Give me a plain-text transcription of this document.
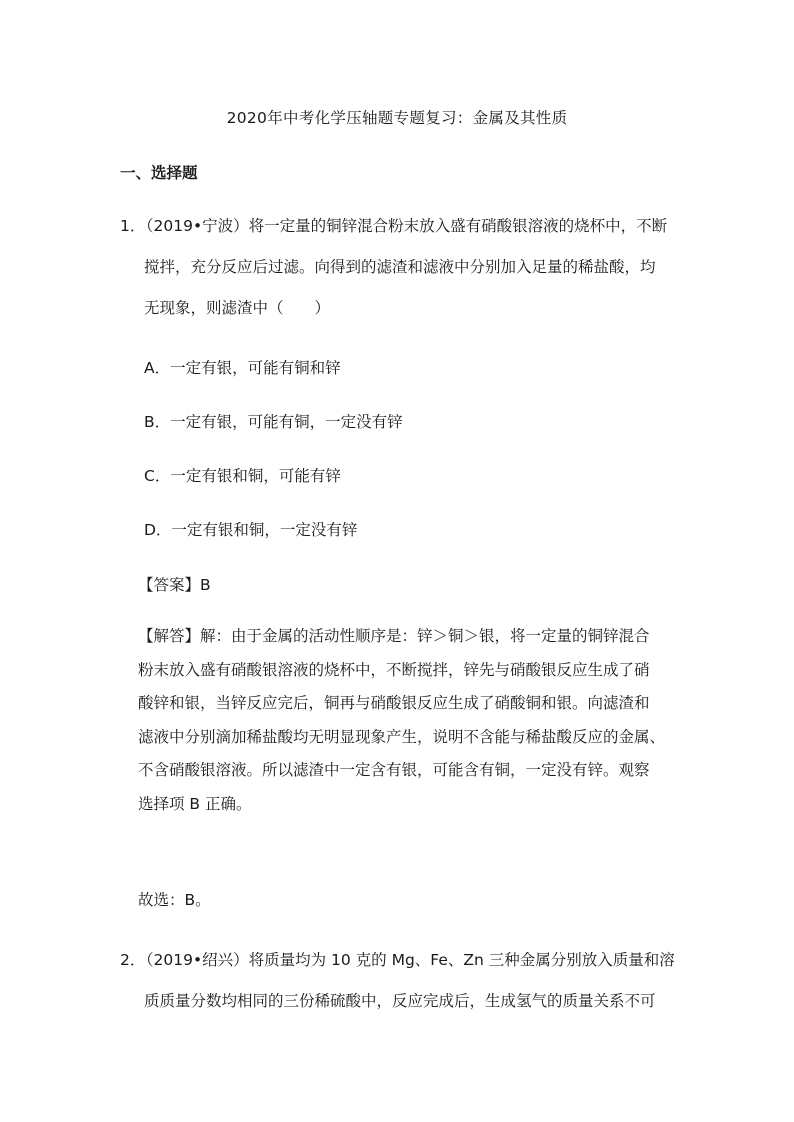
2020年中考化学压轴题专题复习：金属及其性质
一、选择题
1．
（2019•宁波）将一定量的铜锌混合粉末放入盛有硝酸银溶液的烧杯中，不断
搅拌，充分反应后过滤。向得到的滤渣和滤液中分别加入足量的稀盐酸，均
无现象，则滤渣中（　　）
A．一定有银，可能有铜和锌
B．一定有银，可能有铜，一定没有锌
C．一定有银和铜，可能有锌
D．一定有银和铜，一定没有锌
【答案】B
【解答】解：由于金属的活动性顺序是：锌＞铜＞银，将一定量的铜锌混合
粉末放入盛有硝酸银溶液的烧杯中，不断搅拌，锌先与硝酸银反应生成了硝
酸锌和银，当锌反应完后，铜再与硝酸银反应生成了硝酸铜和银。向滤渣和
滤液中分别滴加稀盐酸均无明显现象产生，说明不含能与稀盐酸反应的金属、
不含硝酸银溶液。所以滤渣中一定含有银，可能含有铜，一定没有锌。观察
选择项 B 正确。
故选：B。
2．
（2019•绍兴）将质量均为 10 克的 Mg、Fe、Zn 三种金属分别放入质量和溶
质质量分数均相同的三份稀硫酸中，反应完成后，生成氢气的质量关系不可
